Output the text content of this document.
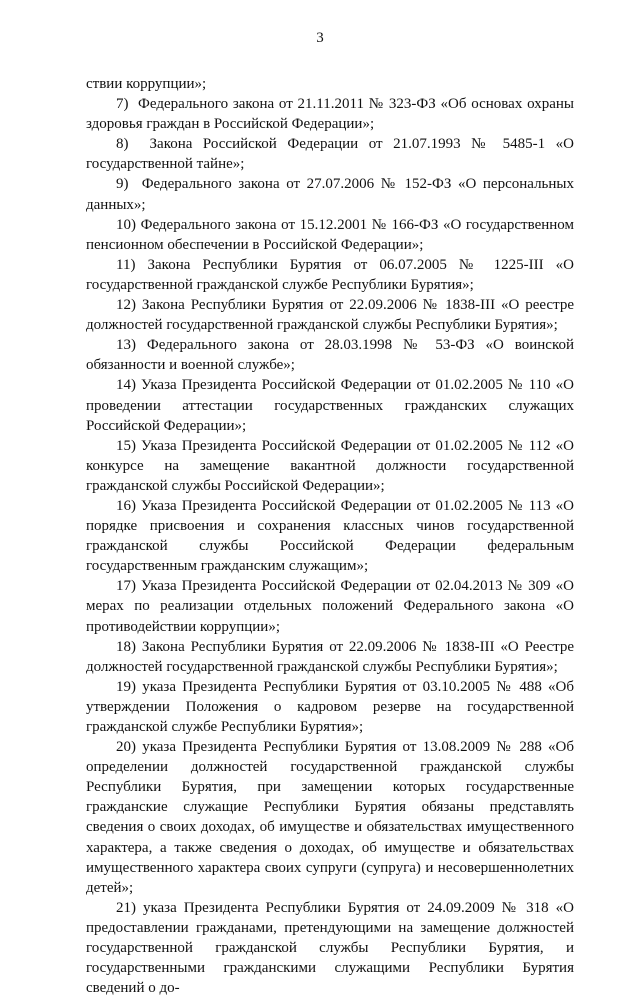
3

ствии коррупции»;

7)  Федерального закона от 21.11.2011 № 323-ФЗ «Об основах охраны здоровья граждан в Российской Федерации»;

8)  Закона Российской Федерации от 21.07.1993 № 5485-1 «О государственной тайне»;

9)  Федерального закона от 27.07.2006 № 152-ФЗ «О персональных данных»;

10) Федерального закона от 15.12.2001 № 166-ФЗ «О государственном пенсионном обеспечении в Российской Федерации»;

11) Закона Республики Бурятия от 06.07.2005 № 1225-III «О государственной гражданской службе Республики Бурятия»;

12) Закона Республики Бурятия от 22.09.2006 № 1838-III «О реестре должностей государственной гражданской службы Республики Бурятия»;

13) Федерального закона от 28.03.1998 № 53-ФЗ «О воинской обязанности и военной службе»;

14) Указа Президента Российской Федерации от 01.02.2005 № 110 «О проведении аттестации государственных гражданских служащих Российской Федерации»;

15) Указа Президента Российской Федерации от 01.02.2005 № 112 «О конкурсе на замещение вакантной должности государственной гражданской службы Российской Федерации»;

16) Указа Президента Российской Федерации от 01.02.2005 № 113 «О порядке присвоения и сохранения классных чинов государственной гражданской службы Российской Федерации федеральным государственным гражданским служащим»;

17) Указа Президента Российской Федерации от 02.04.2013 № 309 «О мерах по реализации отдельных положений Федерального закона «О противодействии коррупции»;

18) Закона Республики Бурятия от 22.09.2006 № 1838-III «О Реестре должностей государственной гражданской службы Республики Бурятия»;

19) указа Президента Республики Бурятия от 03.10.2005 № 488 «Об утверждении Положения о кадровом резерве на государственной гражданской службе Республики Бурятия»;

20) указа Президента Республики Бурятия от 13.08.2009 № 288 «Об определении должностей государственной гражданской службы Республики Бурятия, при замещении которых государственные гражданские служащие Республики Бурятия обязаны представлять сведения о своих доходах, об имуществе и обязательствах имущественного характера, а также сведения о доходах, об имуществе и обязательствах имущественного характера своих супруги (супруга) и несовершеннолетних детей»;

21) указа Президента Республики Бурятия от 24.09.2009 № 318 «О предоставлении гражданами, претендующими на замещение должностей государственной гражданской службы Республики Бурятия, и государственными гражданскими служащими Республики Бурятия сведений о до-
